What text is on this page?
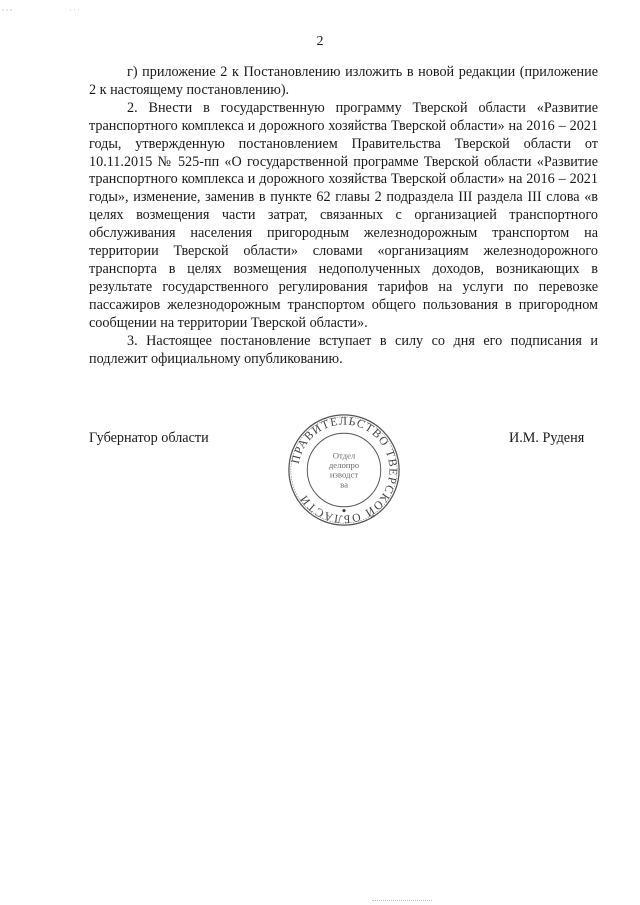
2

г) приложение 2 к Постановлению изложить в новой редакции (приложение 2 к настоящему постановлению).

2. Внести в государственную программу Тверской области «Развитие транспортного комплекса и дорожного хозяйства Тверской области» на 2016 – 2021 годы, утвержденную постановлением Правительства Тверской области от 10.11.2015 № 525-пп «О государственной программе Тверской области «Развитие транспортного комплекса и дорожного хозяйства Тверской области» на 2016 – 2021 годы», изменение, заменив в пункте 62 главы 2 подраздела III раздела III слова «в целях возмещения части затрат, связанных с организацией транспортного обслуживания населения пригородным железнодорожным транспортом на территории Тверской области» словами «организациям железнодорожного транспорта в целях возмещения недополученных доходов, возникающих в результате государственного регулирования тарифов на услуги по перевозке пассажиров железнодорожным транспортом общего пользования в пригородном сообщении на территории Тверской области».

3. Настоящее постановление вступает в силу со дня его подписания и подлежит официальному опубликованию.

Губернатор области
ПРАВИТЕЛЬСТВО ТВЕРСКОЙ ОБЛАСТИ
Отдел
делопро
изводст
ва
И.М. Руденя
